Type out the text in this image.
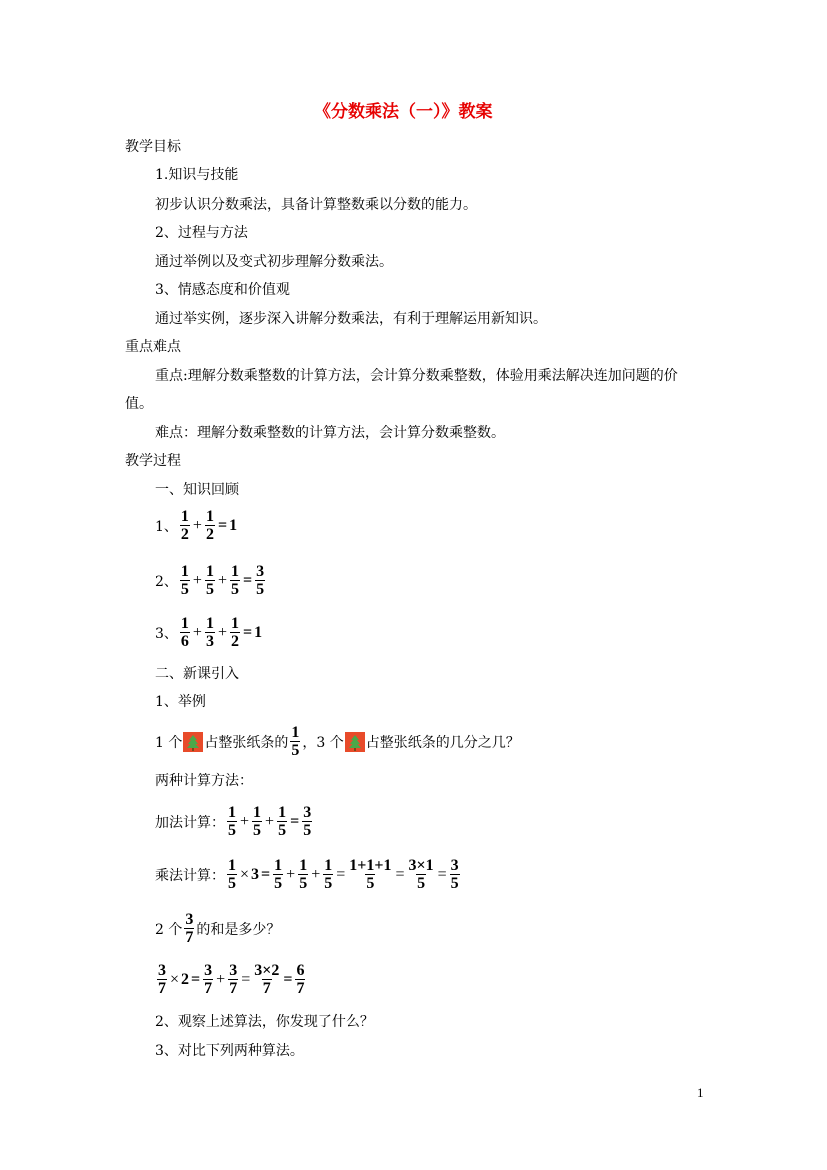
《分数乘法（一）》教案
教学目标
1.知识与技能
初步认识分数乘法，具备计算整数乘以分数的能力。
2、过程与方法
通过举例以及变式初步理解分数乘法。
3、情感态度和价值观
通过举实例，逐步深入讲解分数乘法，有利于理解运用新知识。
重点难点
重点:理解分数乘整数的计算方法，会计算分数乘整数，体验用乘法解决连加问题的价
值。
难点：理解分数乘整数的计算方法，会计算分数乘整数。
教学过程
一、知识回顾
1、 $\frac{1}{2} + \frac{1}{2} = 1$
2、 $\frac{1}{5} + \frac{1}{5} + \frac{1}{5} = \frac{3}{5}$
3、 $\frac{1}{6} + \frac{1}{3} + \frac{1}{2} = 1$
二、新课引入
1、举例
1 个 占整张纸条的 $\frac{1}{5}$ ，3 个 占整张纸条的几分之几？
两种计算方法：
加法计算： $\frac{1}{5} + \frac{1}{5} + \frac{1}{5} = \frac{3}{5}$
乘法计算： $\frac{1}{5} \times 3 = \frac{1}{5} + \frac{1}{5} + \frac{1}{5} = \frac{1+1+1}{5} = \frac{3\times 1}{5} = \frac{3}{5}$
2 个 $\frac{3}{7}$ 的和是多少？
$\frac{3}{7} \times 2 = \frac{3}{7} + \frac{3}{7} = \frac{3\times 2}{7} = \frac{6}{7}$
2、观察上述算法，你发现了什么？
3、对比下列两种算法。
1
